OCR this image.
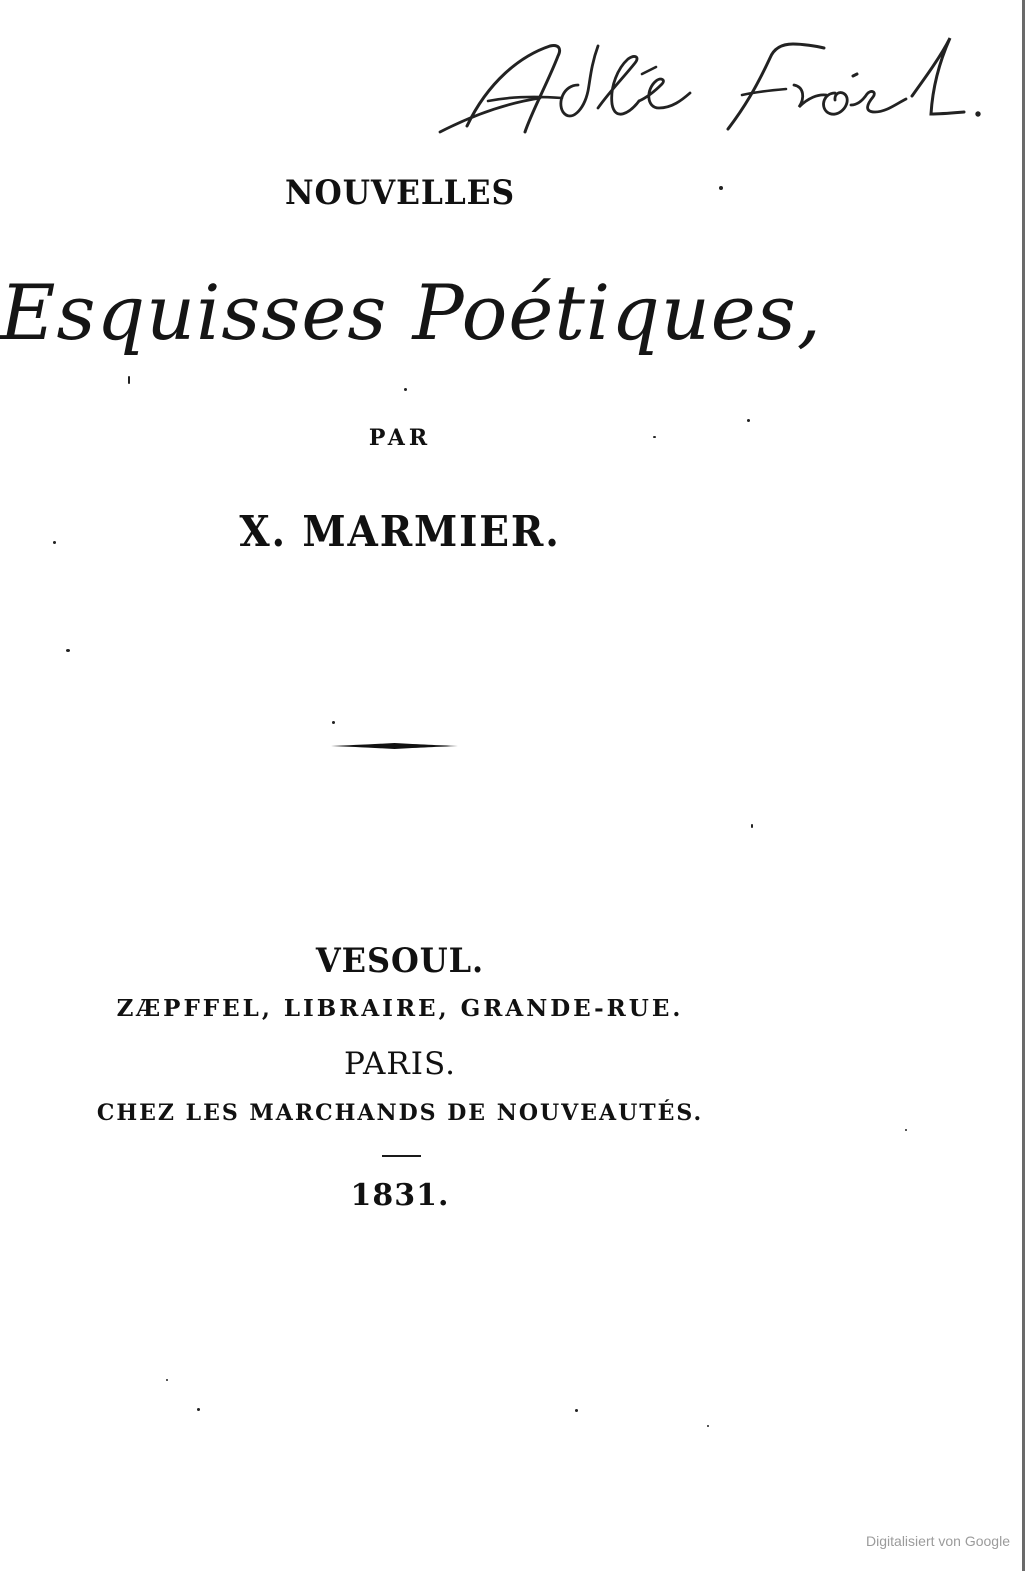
NOUVELLES

Esquisses Poétiques,

PAR

X. MARMIER.

VESOUL.

ZÆPFFEL, LIBRAIRE, GRANDE-RUE.

PARIS.

CHEZ LES MARCHANDS DE NOUVEAUTÉS.

1831.

Digitalisiert von Google
